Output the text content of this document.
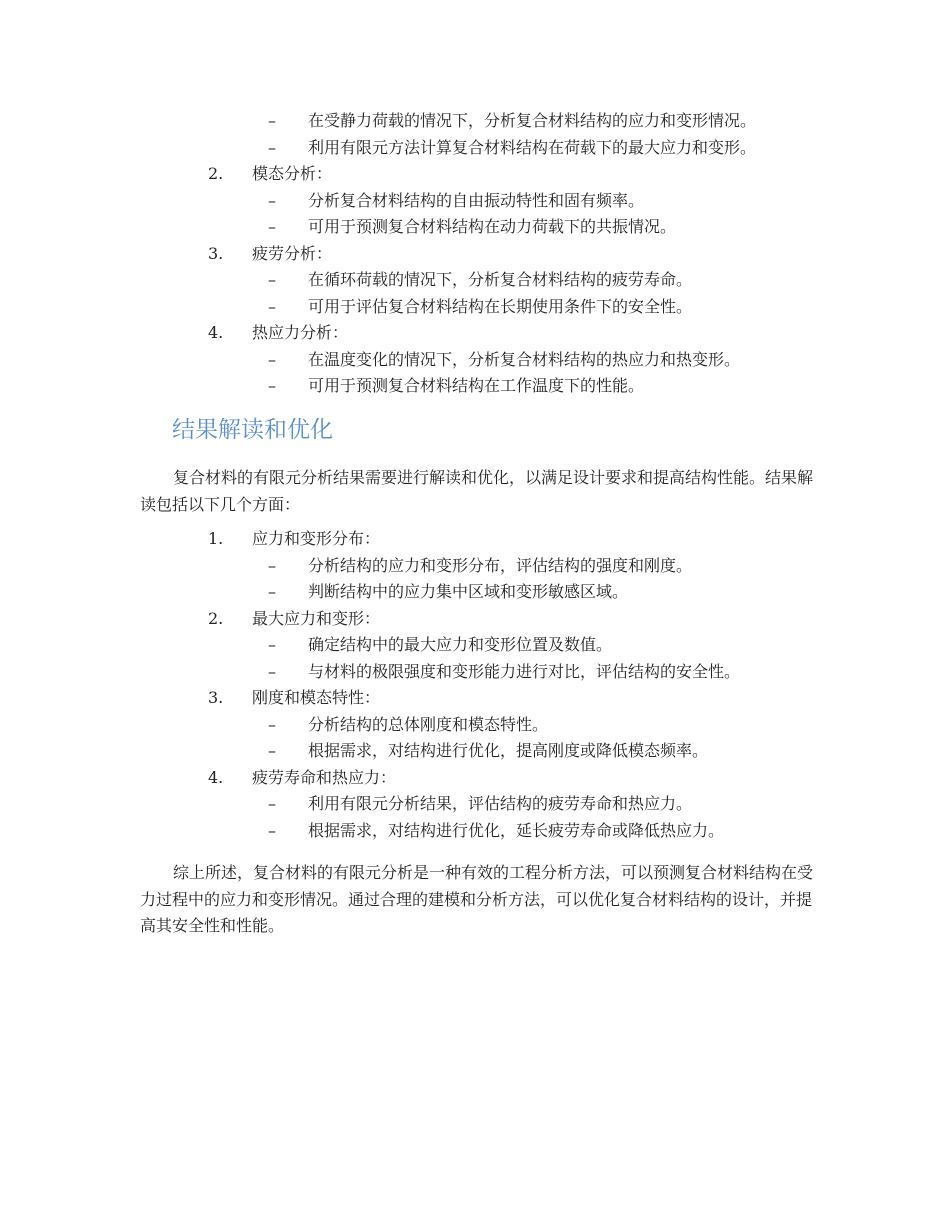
– 在受静力荷载的情况下，分析复合材料结构的应力和变形情况。
– 利用有限元方法计算复合材料结构在荷载下的最大应力和变形。
2. 模态分析：
– 分析复合材料结构的自由振动特性和固有频率。
– 可用于预测复合材料结构在动力荷载下的共振情况。
3. 疲劳分析：
– 在循环荷载的情况下，分析复合材料结构的疲劳寿命。
– 可用于评估复合材料结构在长期使用条件下的安全性。
4. 热应力分析：
– 在温度变化的情况下，分析复合材料结构的热应力和热变形。
– 可用于预测复合材料结构在工作温度下的性能。
结果解读和优化

复合材料的有限元分析结果需要进行解读和优化，以满足设计要求和提高结构性能。结果解读包括以下几个方面：

1. 应力和变形分布：
– 分析结构的应力和变形分布，评估结构的强度和刚度。
– 判断结构中的应力集中区域和变形敏感区域。
2. 最大应力和变形：
– 确定结构中的最大应力和变形位置及数值。
– 与材料的极限强度和变形能力进行对比，评估结构的安全性。
3. 刚度和模态特性：
– 分析结构的总体刚度和模态特性。
– 根据需求，对结构进行优化，提高刚度或降低模态频率。
4. 疲劳寿命和热应力：
– 利用有限元分析结果，评估结构的疲劳寿命和热应力。
– 根据需求，对结构进行优化，延长疲劳寿命或降低热应力。

综上所述，复合材料的有限元分析是一种有效的工程分析方法，可以预测复合材料结构在受力过程中的应力和变形情况。通过合理的建模和分析方法，可以优化复合材料结构的设计，并提高其安全性和性能。
